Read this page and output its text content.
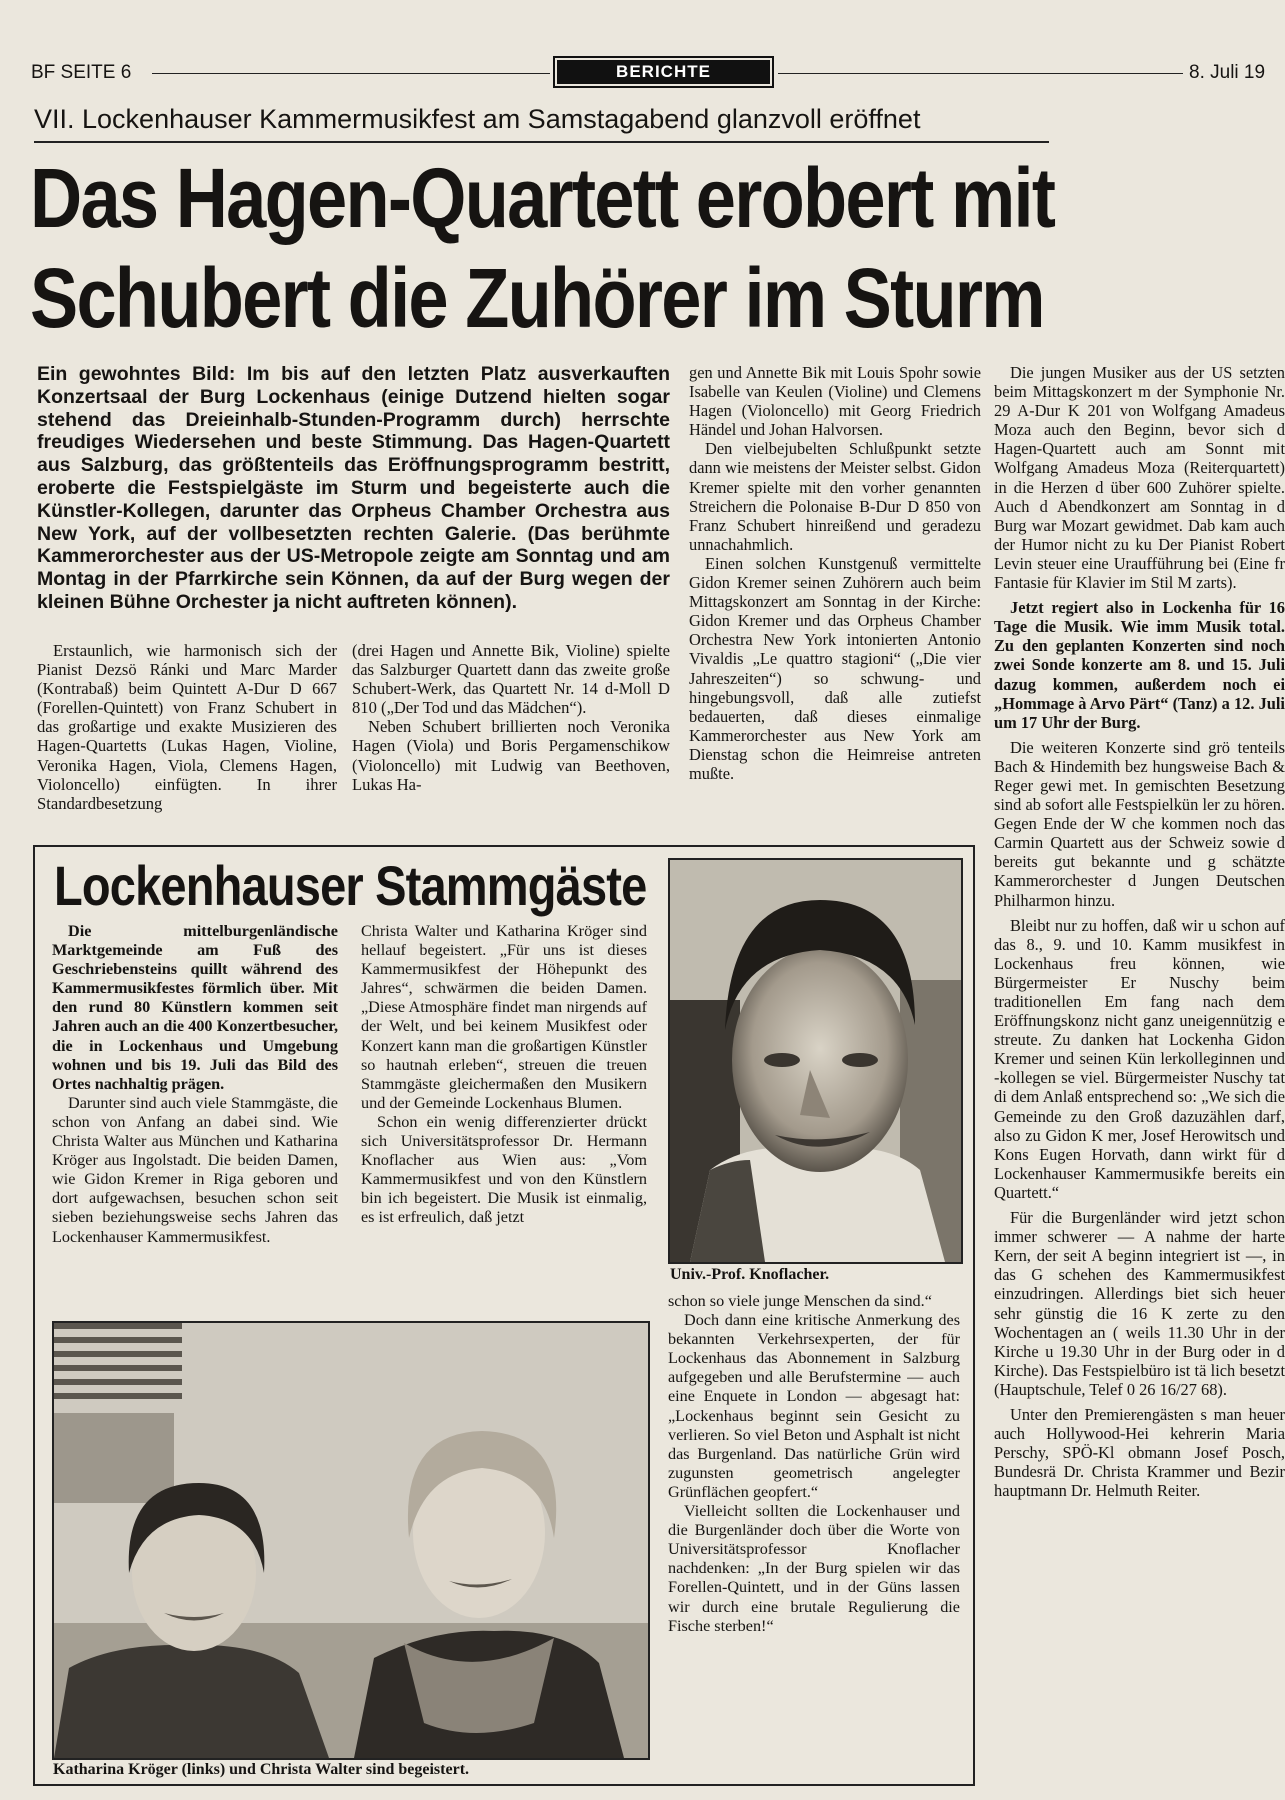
BF SEITE 6	BERICHTE	8. Juli 19
VII. Lockenhauser Kammermusikfest am Samstagabend glanzvoll eröffnet
Das Hagen-Quartett erobert mit
Schubert die Zuhörer im Sturm

Ein gewohntes Bild: Im bis auf den letzten Platz ausverkauften Konzertsaal der Burg Lockenhaus (einige Dutzend hielten sogar stehend das Dreieinhalb-Stunden-Programm durch) herrschte freudiges Wiedersehen und beste Stimmung. Das Hagen-Quartett aus Salzburg, das größtenteils das Eröffnungsprogramm bestritt, eroberte die Festspielgäste im Sturm und begeisterte auch die Künstler-Kollegen, darunter das Orpheus Chamber Orchestra aus New York, auf der vollbesetzten rechten Galerie. (Das berühmte Kammerorchester aus der US-Metropole zeigte am Sonntag und am Montag in der Pfarrkirche sein Können, da auf der Burg wegen der kleinen Bühne Orchester ja nicht auftreten können).

Erstaunlich, wie harmonisch sich der Pianist Dezsö Ránki und Marc Marder (Kontrabaß) beim Quintett A-Dur D 667 (Forellen-Quintett) von Franz Schubert in das großartige und exakte Musizieren des Hagen-Quartetts (Lukas Hagen, Violine, Veronika Hagen, Viola, Clemens Hagen, Violoncello) einfügten. In ihrer Standardbesetzung

(drei Hagen und Annette Bik, Violine) spielte das Salzburger Quartett dann das zweite große Schubert-Werk, das Quartett Nr. 14 d-Moll D 810 („Der Tod und das Mädchen“).

Neben Schubert brillierten noch Veronika Hagen (Viola) und Boris Pergamenschikow (Violoncello) mit Ludwig van Beethoven, Lukas Ha-

gen und Annette Bik mit Louis Spohr sowie Isabelle van Keulen (Violine) und Clemens Hagen (Violoncello) mit Georg Friedrich Händel und Johan Halvorsen.

Den vielbejubelten Schlußpunkt setzte dann wie meistens der Meister selbst. Gidon Kremer spielte mit den vorher genannten Streichern die Polonaise B-Dur D 850 von Franz Schubert hinreißend und geradezu unnachahmlich.

Einen solchen Kunstgenuß vermittelte Gidon Kremer seinen Zuhörern auch beim Mittagskonzert am Sonntag in der Kirche: Gidon Kremer und das Orpheus Chamber Orchestra New York intonierten Antonio Vivaldis „Le quattro stagioni“ („Die vier Jahreszeiten“) so schwung- und hingebungsvoll, daß alle zutiefst bedauerten, daß dieses einmalige Kammerorchester aus New York am Dienstag schon die Heimreise antreten mußte.

Die jungen Musiker aus der US setzten beim Mittagskonzert m der Symphonie Nr. 29 A-Dur K 201 von Wolfgang Amadeus Moza auch den Beginn, bevor sich d Hagen-Quartett auch am Sonnt mit Wolfgang Amadeus Moza (Reiterquartett) in die Herzen d über 600 Zuhörer spielte. Auch d Abendkonzert am Sonntag in d Burg war Mozart gewidmet. Dab kam auch der Humor nicht zu ku Der Pianist Robert Levin steuer eine Uraufführung bei (Eine fr Fantasie für Klavier im Stil M zarts).

Jetzt regiert also in Lockenha für 16 Tage die Musik. Wie imm Musik total. Zu den geplanten Konzerten sind noch zwei Sonde konzerte am 8. und 15. Juli dazug kommen, außerdem noch ei „Hommage à Arvo Pärt“ (Tanz) a 12. Juli um 17 Uhr der Burg.

Die weiteren Konzerte sind grö tenteils Bach & Hindemith bez hungsweise Bach & Reger gewi met. In gemischten Besetzung sind ab sofort alle Festspielkün ler zu hören. Gegen Ende der W che kommen noch das Carmin Quartett aus der Schweiz sowie d bereits gut bekannte und g schätzte Kammerorchester d Jungen Deutschen Philharmon hinzu.

Bleibt nur zu hoffen, daß wir u schon auf das 8., 9. und 10. Kamm musikfest in Lockenhaus freu können, wie Bürgermeister Er Nuschy beim traditionellen Em fang nach dem Eröffnungskonz nicht ganz uneigennützig e streute. Zu danken hat Lockenha Gidon Kremer und seinen Kün lerkolleginnen und -kollegen se viel. Bürgermeister Nuschy tat di dem Anlaß entsprechend so: „We sich die Gemeinde zu den Groß dazuzählen darf, also zu Gidon K mer, Josef Herowitsch und Kons Eugen Horvath, dann wirkt für d Lockenhauser Kammermusikfe bereits ein Quartett.“

Für die Burgenländer wird jetzt schon immer schwerer — A nahme der harte Kern, der seit A beginn integriert ist —, in das G schehen des Kammermusikfest einzudringen. Allerdings biet sich heuer sehr günstig die 16 K zerte zu den Wochentagen an ( weils 11.30 Uhr in der Kirche u 19.30 Uhr in der Burg oder in d Kirche). Das Festspielbüro ist tä lich besetzt (Hauptschule, Telef 0 26 16/27 68).

Unter den Premierengästen s man heuer auch Hollywood-Hei kehrerin Maria Perschy, SPÖ-Kl obmann Josef Posch, Bundesrä Dr. Christa Krammer und Bezir hauptmann Dr. Helmuth Reiter.

Lockenhauser Stammgäste

Die mittelburgenländische Marktgemeinde am Fuß des Geschriebensteins quillt während des Kammermusikfestes förmlich über. Mit den rund 80 Künstlern kommen seit Jahren auch an die 400 Konzertbesucher, die in Lockenhaus und Umgebung wohnen und bis 19. Juli das Bild des Ortes nachhaltig prägen.

Darunter sind auch viele Stammgäste, die schon von Anfang an dabei sind. Wie Christa Walter aus München und Katharina Kröger aus Ingolstadt. Die beiden Damen, wie Gidon Kremer in Riga geboren und dort aufgewachsen, besuchen schon seit sieben beziehungsweise sechs Jahren das Lockenhauser Kammermusikfest.

Christa Walter und Katharina Kröger sind hellauf begeistert. „Für uns ist dieses Kammermusikfest der Höhepunkt des Jahres“, schwärmen die beiden Damen. „Diese Atmosphäre findet man nirgends auf der Welt, und bei keinem Musikfest oder Konzert kann man die großartigen Künstler so hautnah erleben“, streuen die treuen Stammgäste gleichermaßen den Musikern und der Gemeinde Lockenhaus Blumen.

Schon ein wenig differenzierter drückt sich Universitätsprofessor Dr. Hermann Knoflacher aus Wien aus: „Vom Kammermusikfest und von den Künstlern bin ich begeistert. Die Musik ist einmalig, es ist erfreulich, daß jetzt

Univ.-Prof. Knoflacher.
Katharina Kröger (links) und Christa Walter sind begeistert.

schon so viele junge Menschen da sind.“

Doch dann eine kritische Anmerkung des bekannten Verkehrsexperten, der für Lockenhaus das Abonnement in Salzburg aufgegeben und alle Berufstermine — auch eine Enquete in London — abgesagt hat: „Lockenhaus beginnt sein Gesicht zu verlieren. So viel Beton und Asphalt ist nicht das Burgenland. Das natürliche Grün wird zugunsten geometrisch angelegter Grünflächen geopfert.“

Vielleicht sollten die Lockenhauser und die Burgenländer doch über die Worte von Universitätsprofessor Knoflacher nachdenken: „In der Burg spielen wir das Forellen-Quintett, und in der Güns lassen wir durch eine brutale Regulierung die Fische sterben!“
